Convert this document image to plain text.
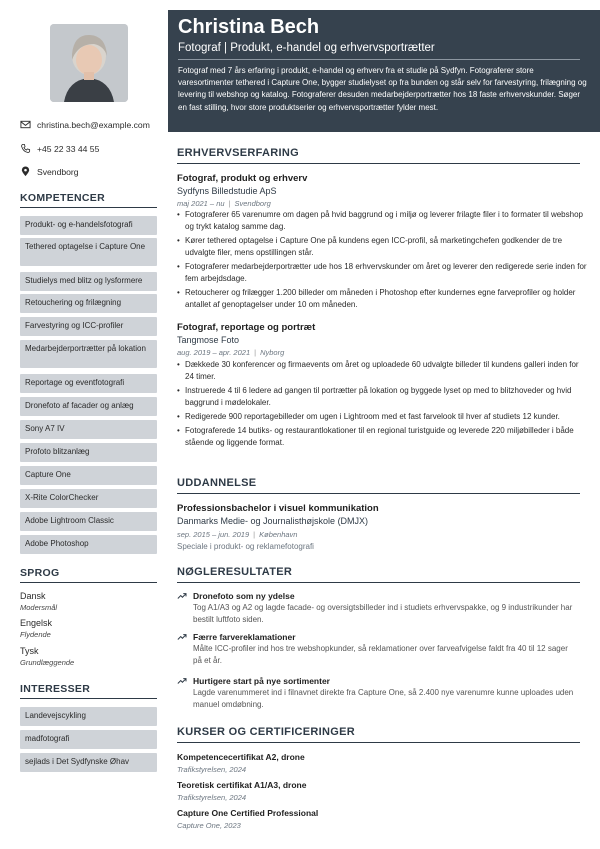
christina.bech@example.com
+45 22 33 44 55
Svendborg
KOMPETENCER
Produkt- og e-handelsfotografi
Tethered optagelse i Capture One
Studielys med blitz og lysformere
Retouchering og frilægning
Farvestyring og ICC-profiler
Medarbejderportrætter på lokation
Reportage og eventfotografi
Dronefoto af facader og anlæg
Sony A7 IV
Profoto blitzanlæg
Capture One
X-Rite ColorChecker
Adobe Lightroom Classic
Adobe Photoshop
SPROG
Dansk
Modersmål
Engelsk
Flydende
Tysk
Grundlæggende
INTERESSER
Landevejscykling
madfotografi
sejlads i Det Sydfynske Øhav
Christina Bech
Fotograf | Produkt, e-handel og erhvervsportrætter
Fotograf med 7 års erfaring i produkt, e-handel og erhverv fra et studie på Sydfyn. Fotograferer store varesortimenter tethered i Capture One, bygger studielyset op fra bunden og står selv for farvestyring, frilægning og levering til webshop og katalog. Fotograferer desuden medarbejderportrætter hos 18 faste erhvervskunder. Søger en fast stilling, hvor store produktserier og erhvervsportrætter fylder mest.
ERHVERVSERFARING
Fotograf, produkt og erhverv
Sydfyns Billedstudie ApS
maj 2021 – nu | Svendborg
• Fotograferer 65 varenumre om dagen på hvid baggrund og i miljø og leverer frilagte filer i to formater til webshop og trykt katalog samme dag.
• Kører tethered optagelse i Capture One på kundens egen ICC-profil, så marketingchefen godkender de tre udvalgte filer, mens opstillingen står.
• Fotograferer medarbejderportrætter ude hos 18 erhvervskunder om året og leverer den redigerede serie inden for fem arbejdsdage.
• Retoucherer og frilægger 1.200 billeder om måneden i Photoshop efter kundernes egne farveprofiler og holder antallet af genoptagelser under 10 om måneden.
Fotograf, reportage og portræt
Tangmose Foto
aug. 2019 – apr. 2021 | Nyborg
• Dækkede 30 konferencer og firmaevents om året og uploadede 60 udvalgte billeder til kundens galleri inden for 24 timer.
• Instruerede 4 til 6 ledere ad gangen til portrætter på lokation og byggede lyset op med to blitzhoveder og hvid baggrund i mødelokaler.
• Redigerede 900 reportagebilleder om ugen i Lightroom med et fast farvelook til hver af studiets 12 kunder.
• Fotograferede 14 butiks- og restaurantlokationer til en regional turistguide og leverede 220 miljøbilleder i både stående og liggende format.
UDDANNELSE
Professionsbachelor i visuel kommunikation
Danmarks Medie- og Journalisthøjskole (DMJX)
sep. 2015 – jun. 2019 | København
Speciale i produkt- og reklamefotografi
NØGLERESULTATER
Dronefoto som ny ydelse
Tog A1/A3 og A2 og lagde facade- og oversigtsbilleder ind i studiets erhvervspakke, og 9 industrikunder har bestilt luftfoto siden.
Færre farvereklamationer
Målte ICC-profiler ind hos tre webshopkunder, så reklamationer over farveafvigelse faldt fra 40 til 12 sager på et år.
Hurtigere start på nye sortimenter
Lagde varenummeret ind i filnavnet direkte fra Capture One, så 2.400 nye varenumre kunne uploades uden manuel omdøbning.
KURSER OG CERTIFICERINGER
Kompetencecertifikat A2, drone
Trafikstyrelsen, 2024
Teoretisk certifikat A1/A3, drone
Trafikstyrelsen, 2024
Capture One Certified Professional
Capture One, 2023
